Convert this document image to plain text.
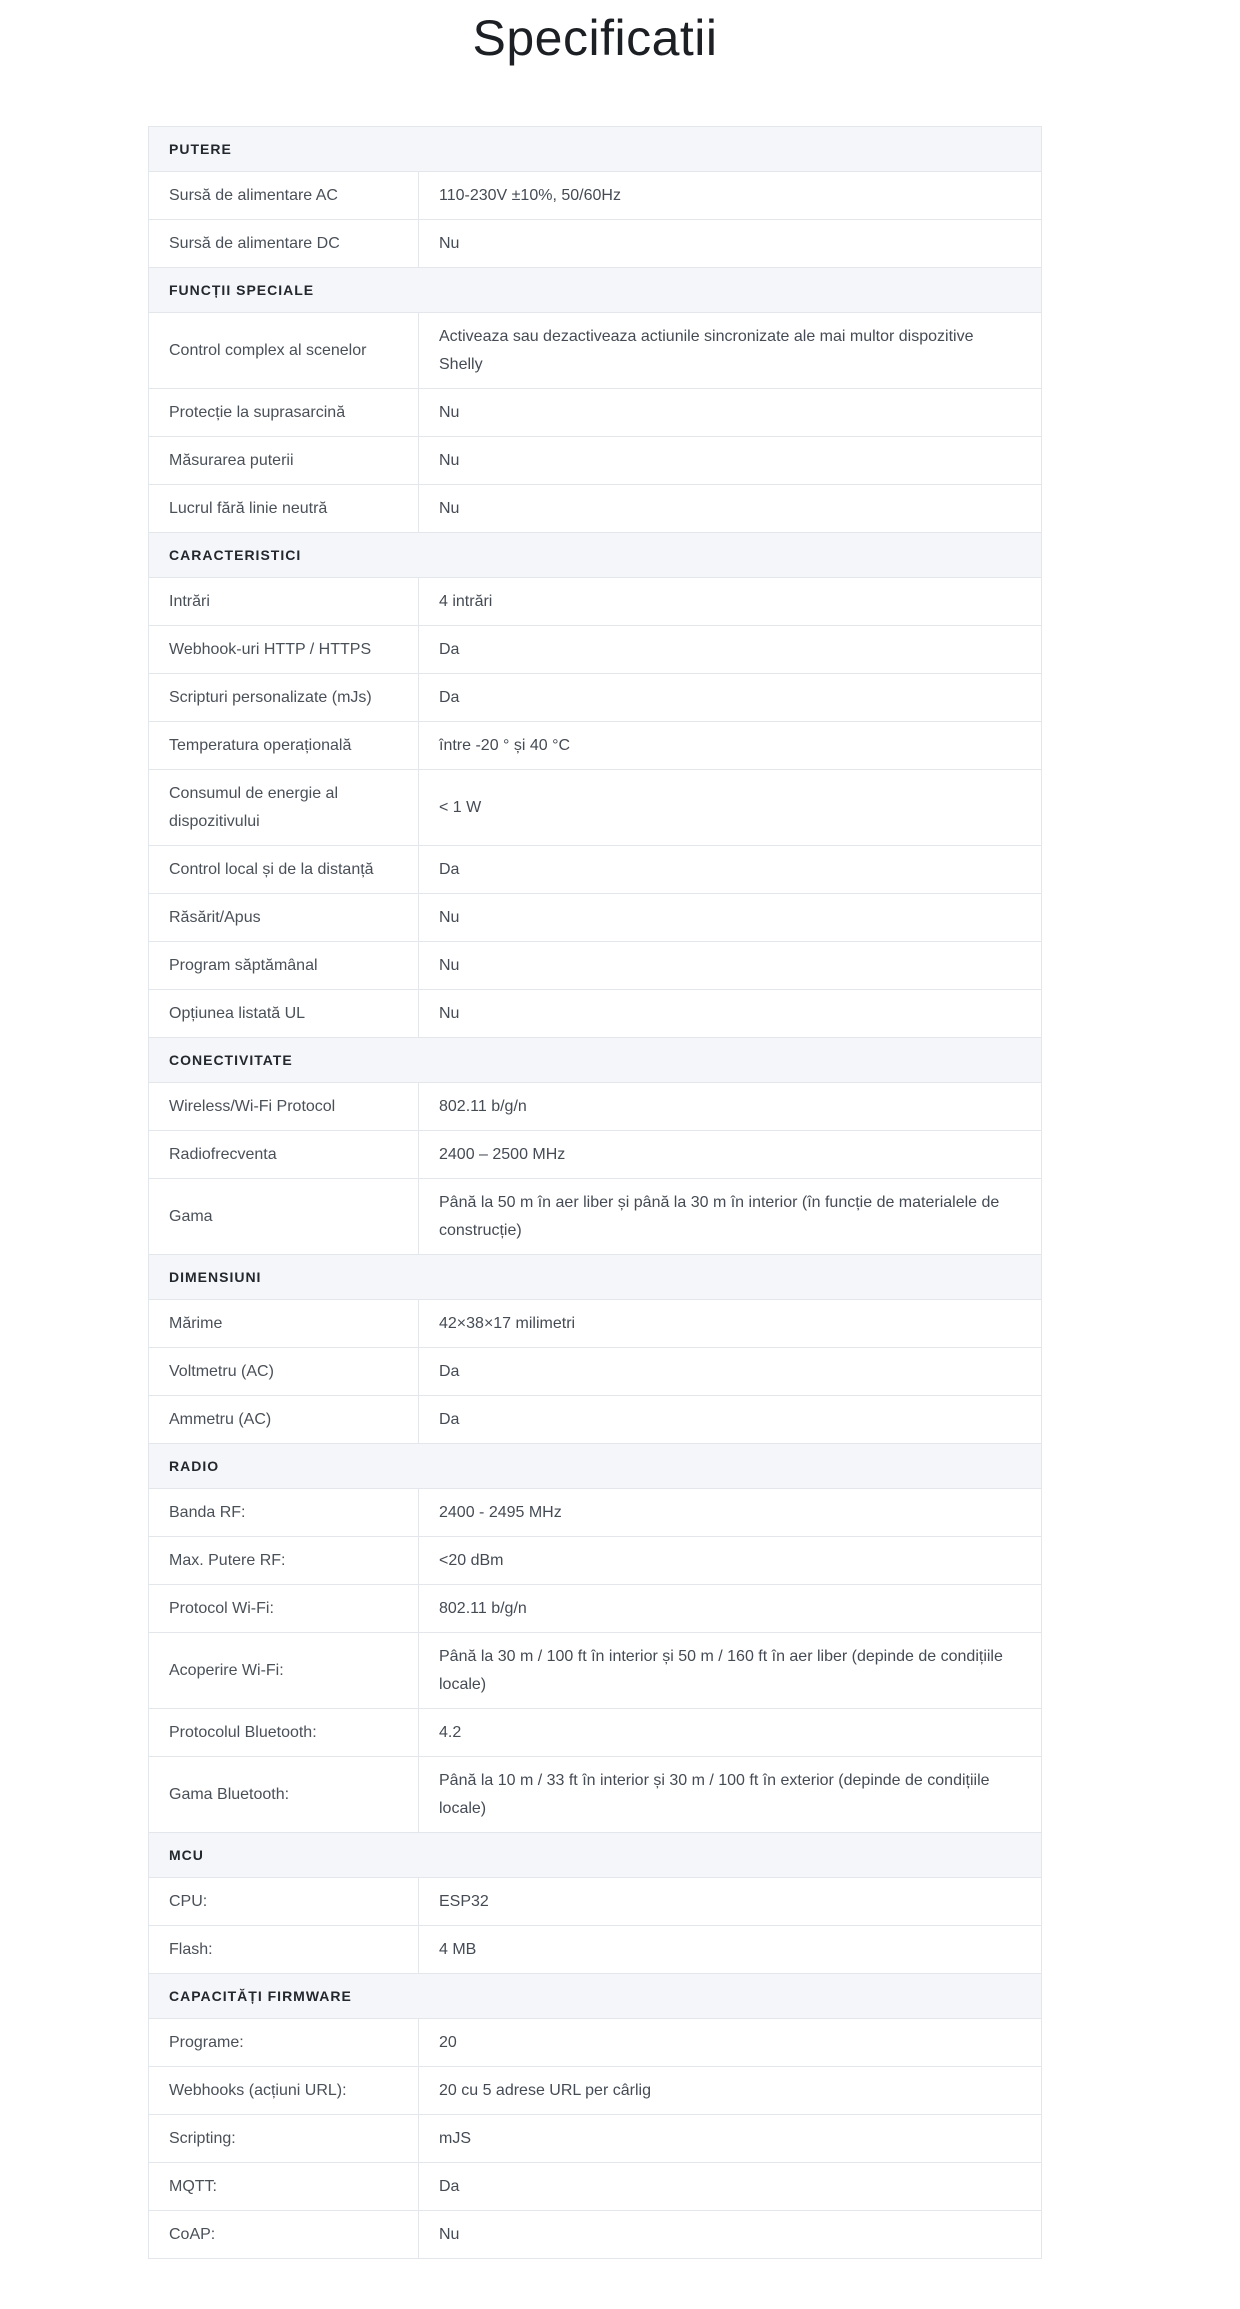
Specificatii
PUTERE	
Sursă de alimentare AC	110-230V ±10%, 50/60Hz
Sursă de alimentare DC	Nu
FUNCȚII SPECIALE	
Control complex al scenelor	Activeaza sau dezactiveaza actiunile sincronizate ale mai multor dispozitive Shelly
Protecție la suprasarcină	Nu
Măsurarea puterii	Nu
Lucrul fără linie neutră	Nu
CARACTERISTICI	
Intrări	4 intrări
Webhook-uri HTTP / HTTPS	Da
Scripturi personalizate (mJs)	Da
Temperatura operațională	între -20 ° și 40 °C
Consumul de energie al dispozitivului	< 1 W
Control local și de la distanță	Da
Răsărit/Apus	Nu
Program săptămânal	Nu
Opțiunea listată UL	Nu
CONECTIVITATE	
Wireless/Wi-Fi Protocol	802.11 b/g/n
Radiofrecventa	2400 – 2500 MHz
Gama	Până la 50 m în aer liber și până la 30 m în interior (în funcție de materialele de construcție)
DIMENSIUNI	
Mărime	42×38×17 milimetri
Voltmetru (AC)	Da
Ammetru (AC)	Da
RADIO	
Banda RF:	2400 - 2495 MHz
Max. Putere RF:	<20 dBm
Protocol Wi-Fi:	802.11 b/g/n
Acoperire Wi-Fi:	Până la 30 m / 100 ft în interior și 50 m / 160 ft în aer liber (depinde de condițiile locale)
Protocolul Bluetooth:	4.2
Gama Bluetooth:	Până la 10 m / 33 ft în interior și 30 m / 100 ft în exterior (depinde de condițiile locale)
MCU	
CPU:	ESP32
Flash:	4 MB
CAPACITĂȚI FIRMWARE	
Programe:	20
Webhooks (acțiuni URL):	20 cu 5 adrese URL per cârlig
Scripting:	mJS
MQTT:	Da
CoAP:	Nu
